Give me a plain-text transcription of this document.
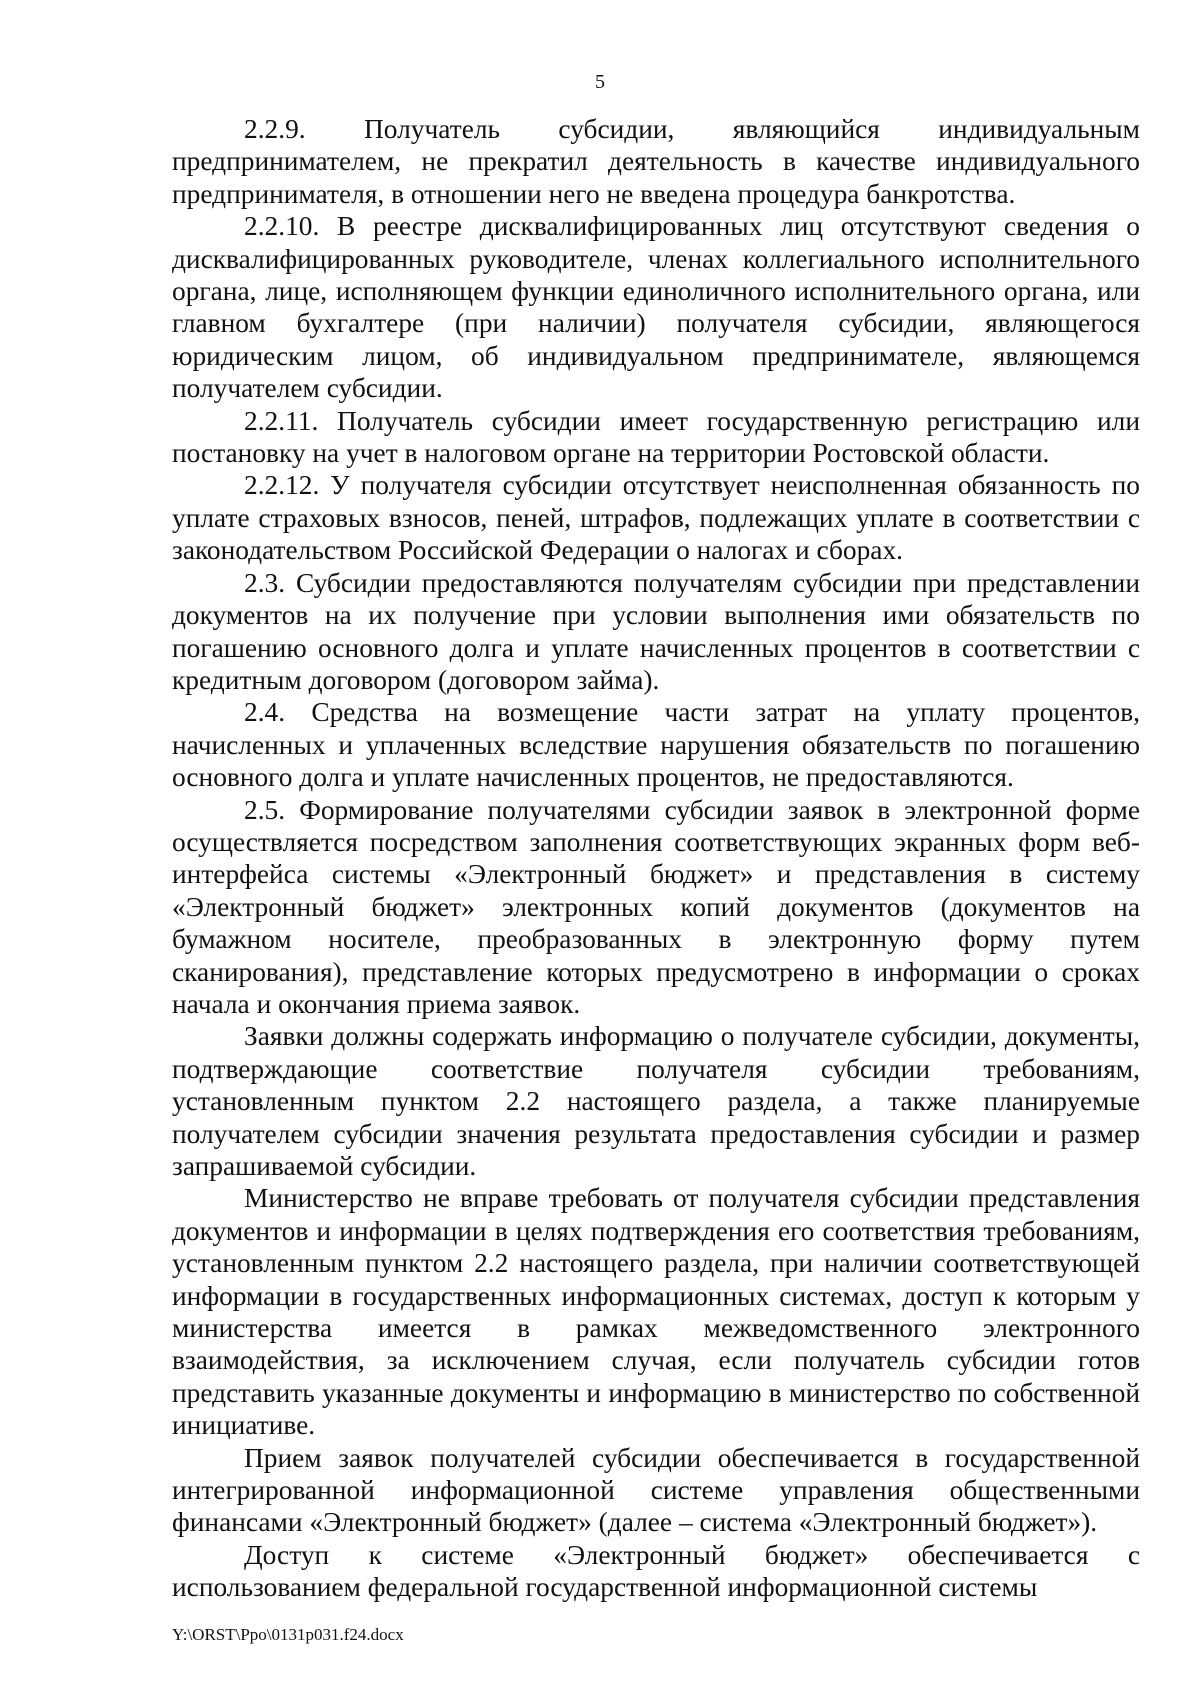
5

2.2.9. Получатель субсидии, являющийся индивидуальным предпринимателем, не прекратил деятельность в качестве индивидуального предпринимателя, в отношении него не введена процедура банкротства.

2.2.10. В реестре дисквалифицированных лиц отсутствуют сведения о дисквалифицированных руководителе, членах коллегиального исполнительного органа, лице, исполняющем функции единоличного исполнительного органа, или главном бухгалтере (при наличии) получателя субсидии, являющегося юридическим лицом, об индивидуальном предпринимателе, являющемся получателем субсидии.

2.2.11. Получатель субсидии имеет государственную регистрацию или постановку на учет в налоговом органе на территории Ростовской области.

2.2.12. У получателя субсидии отсутствует неисполненная обязанность по уплате страховых взносов, пеней, штрафов, подлежащих уплате в соответствии с законодательством Российской Федерации о налогах и сборах.

2.3. Субсидии предоставляются получателям субсидии при представлении документов на их получение при условии выполнения ими обязательств по погашению основного долга и уплате начисленных процентов в соответствии с кредитным договором (договором займа).

2.4. Средства на возмещение части затрат на уплату процентов, начисленных и уплаченных вследствие нарушения обязательств по погашению основного долга и уплате начисленных процентов, не предоставляются.

2.5. Формирование получателями субсидии заявок в электронной форме осуществляется посредством заполнения соответствующих экранных форм веб-интерфейса системы «Электронный бюджет» и представления в систему «Электронный бюджет» электронных копий документов (документов на бумажном носителе, преобразованных в электронную форму путем сканирования), представление которых предусмотрено в информации о сроках начала и окончания приема заявок.

Заявки должны содержать информацию о получателе субсидии, документы, подтверждающие соответствие получателя субсидии требованиям, установленным пунктом 2.2 настоящего раздела, а также планируемые получателем субсидии значения результата предоставления субсидии и размер запрашиваемой субсидии.

Министерство не вправе требовать от получателя субсидии представления документов и информации в целях подтверждения его соответствия требованиям, установленным пунктом 2.2 настоящего раздела, при наличии соответствующей информации в государственных информационных системах, доступ к которым у министерства имеется в рамках межведомственного электронного взаимодействия, за исключением случая, если получатель субсидии готов представить указанные документы и информацию в министерство по собственной инициативе.

Прием заявок получателей субсидии обеспечивается в государственной интегрированной информационной системе управления общественными финансами «Электронный бюджет» (далее – система «Электронный бюджет»).

Доступ к системе «Электронный бюджет» обеспечивается с использованием федеральной государственной информационной системы

Y:\ORST\Ppo\0131p031.f24.docx
